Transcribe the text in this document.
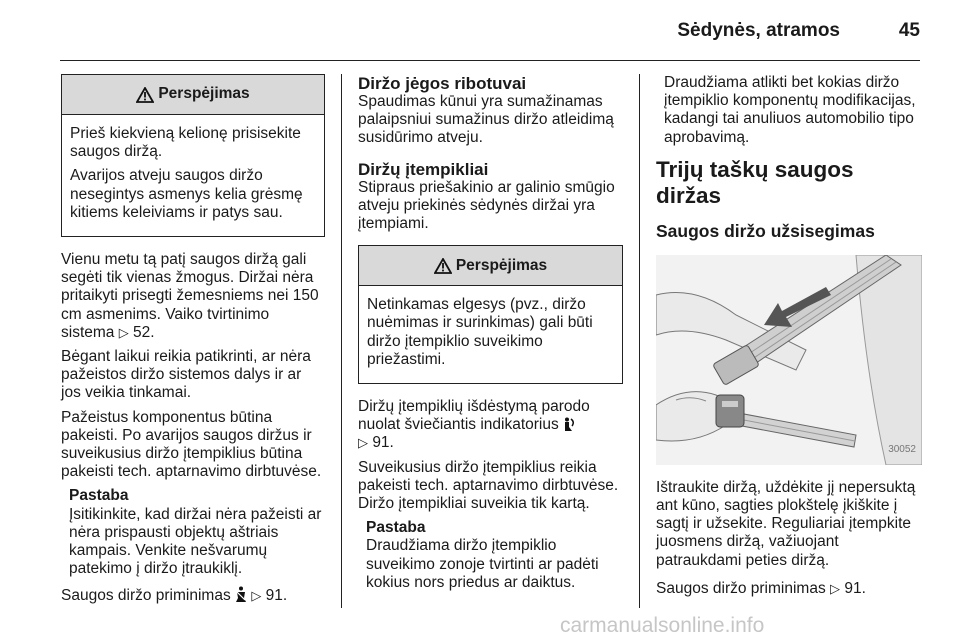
Sėdynės, atramos	45
Perspėjimas

Prieš kiekvieną kelionę prisisekite saugos diržą.

Avarijos atveju saugos diržo nesegintys asmenys kelia grėsmę kitiems keleiviams ir patys sau.

Vienu metu tą patį saugos diržą gali segėti tik vienas žmogus. Diržai nėra pritaikyti prisegti žemesniems nei 150 cm asmenims. Vaiko tvirtinimo sistema ▷ 52.

Bėgant laikui reikia patikrinti, ar nėra pažeistos diržo sistemos dalys ir ar jos veikia tinkamai.

Pažeistus komponentus būtina pakeisti. Po avarijos saugos diržus ir suveikusius diržo įtempiklius būtina pakeisti tech. aptarnavimo dirbtuvėse.

Pastaba
Įsitikinkite, kad diržai nėra pažeisti ar nėra prispausti objektų aštriais kampais. Venkite nešvarumų patekimo į diržo įtraukiklį.

Saugos diržo priminimas ▷ 91.

Diržo jėgos ribotuvai

Spaudimas kūnui yra sumažinamas palaipsniui sumažinus diržo atleidimą susidūrimo atveju.

Diržų įtempikliai

Stipraus priešakinio ar galinio smūgio atveju priekinės sėdynės diržai yra įtempiami.

Perspėjimas

Netinkamas elgesys (pvz., diržo nuėmimas ir surinkimas) gali būti diržo įtempiklio suveikimo priežastimi.

Diržų įtempiklių išdėstymą parodo nuolat šviečiantis indikatorius
▷ 91.

Suveikusius diržo įtempiklius reikia pakeisti tech. aptarnavimo dirbtuvėse. Diržo įtempikliai suveikia tik kartą.

Pastaba
Draudžiama diržo įtempiklio suveikimo zonoje tvirtinti ar padėti kokius nors priedus ar daiktus.

Draudžiama atlikti bet kokias diržo įtempiklio komponentų modifikacijas, kadangi tai anuliuos automobilio tipo aprobavimą.

Trijų taškų saugos diržas
Saugos diržo užsisegimas
30052

Ištraukite diržą, uždėkite jį nepersuktą ant kūno, sagties plokštelę įkiškite į sagtį ir užsekite. Reguliariai įtempkite juosmens diržą, važiuojant patraukdami peties diržą.

Saugos diržo priminimas ▷ 91.

carmanualsonline.info
